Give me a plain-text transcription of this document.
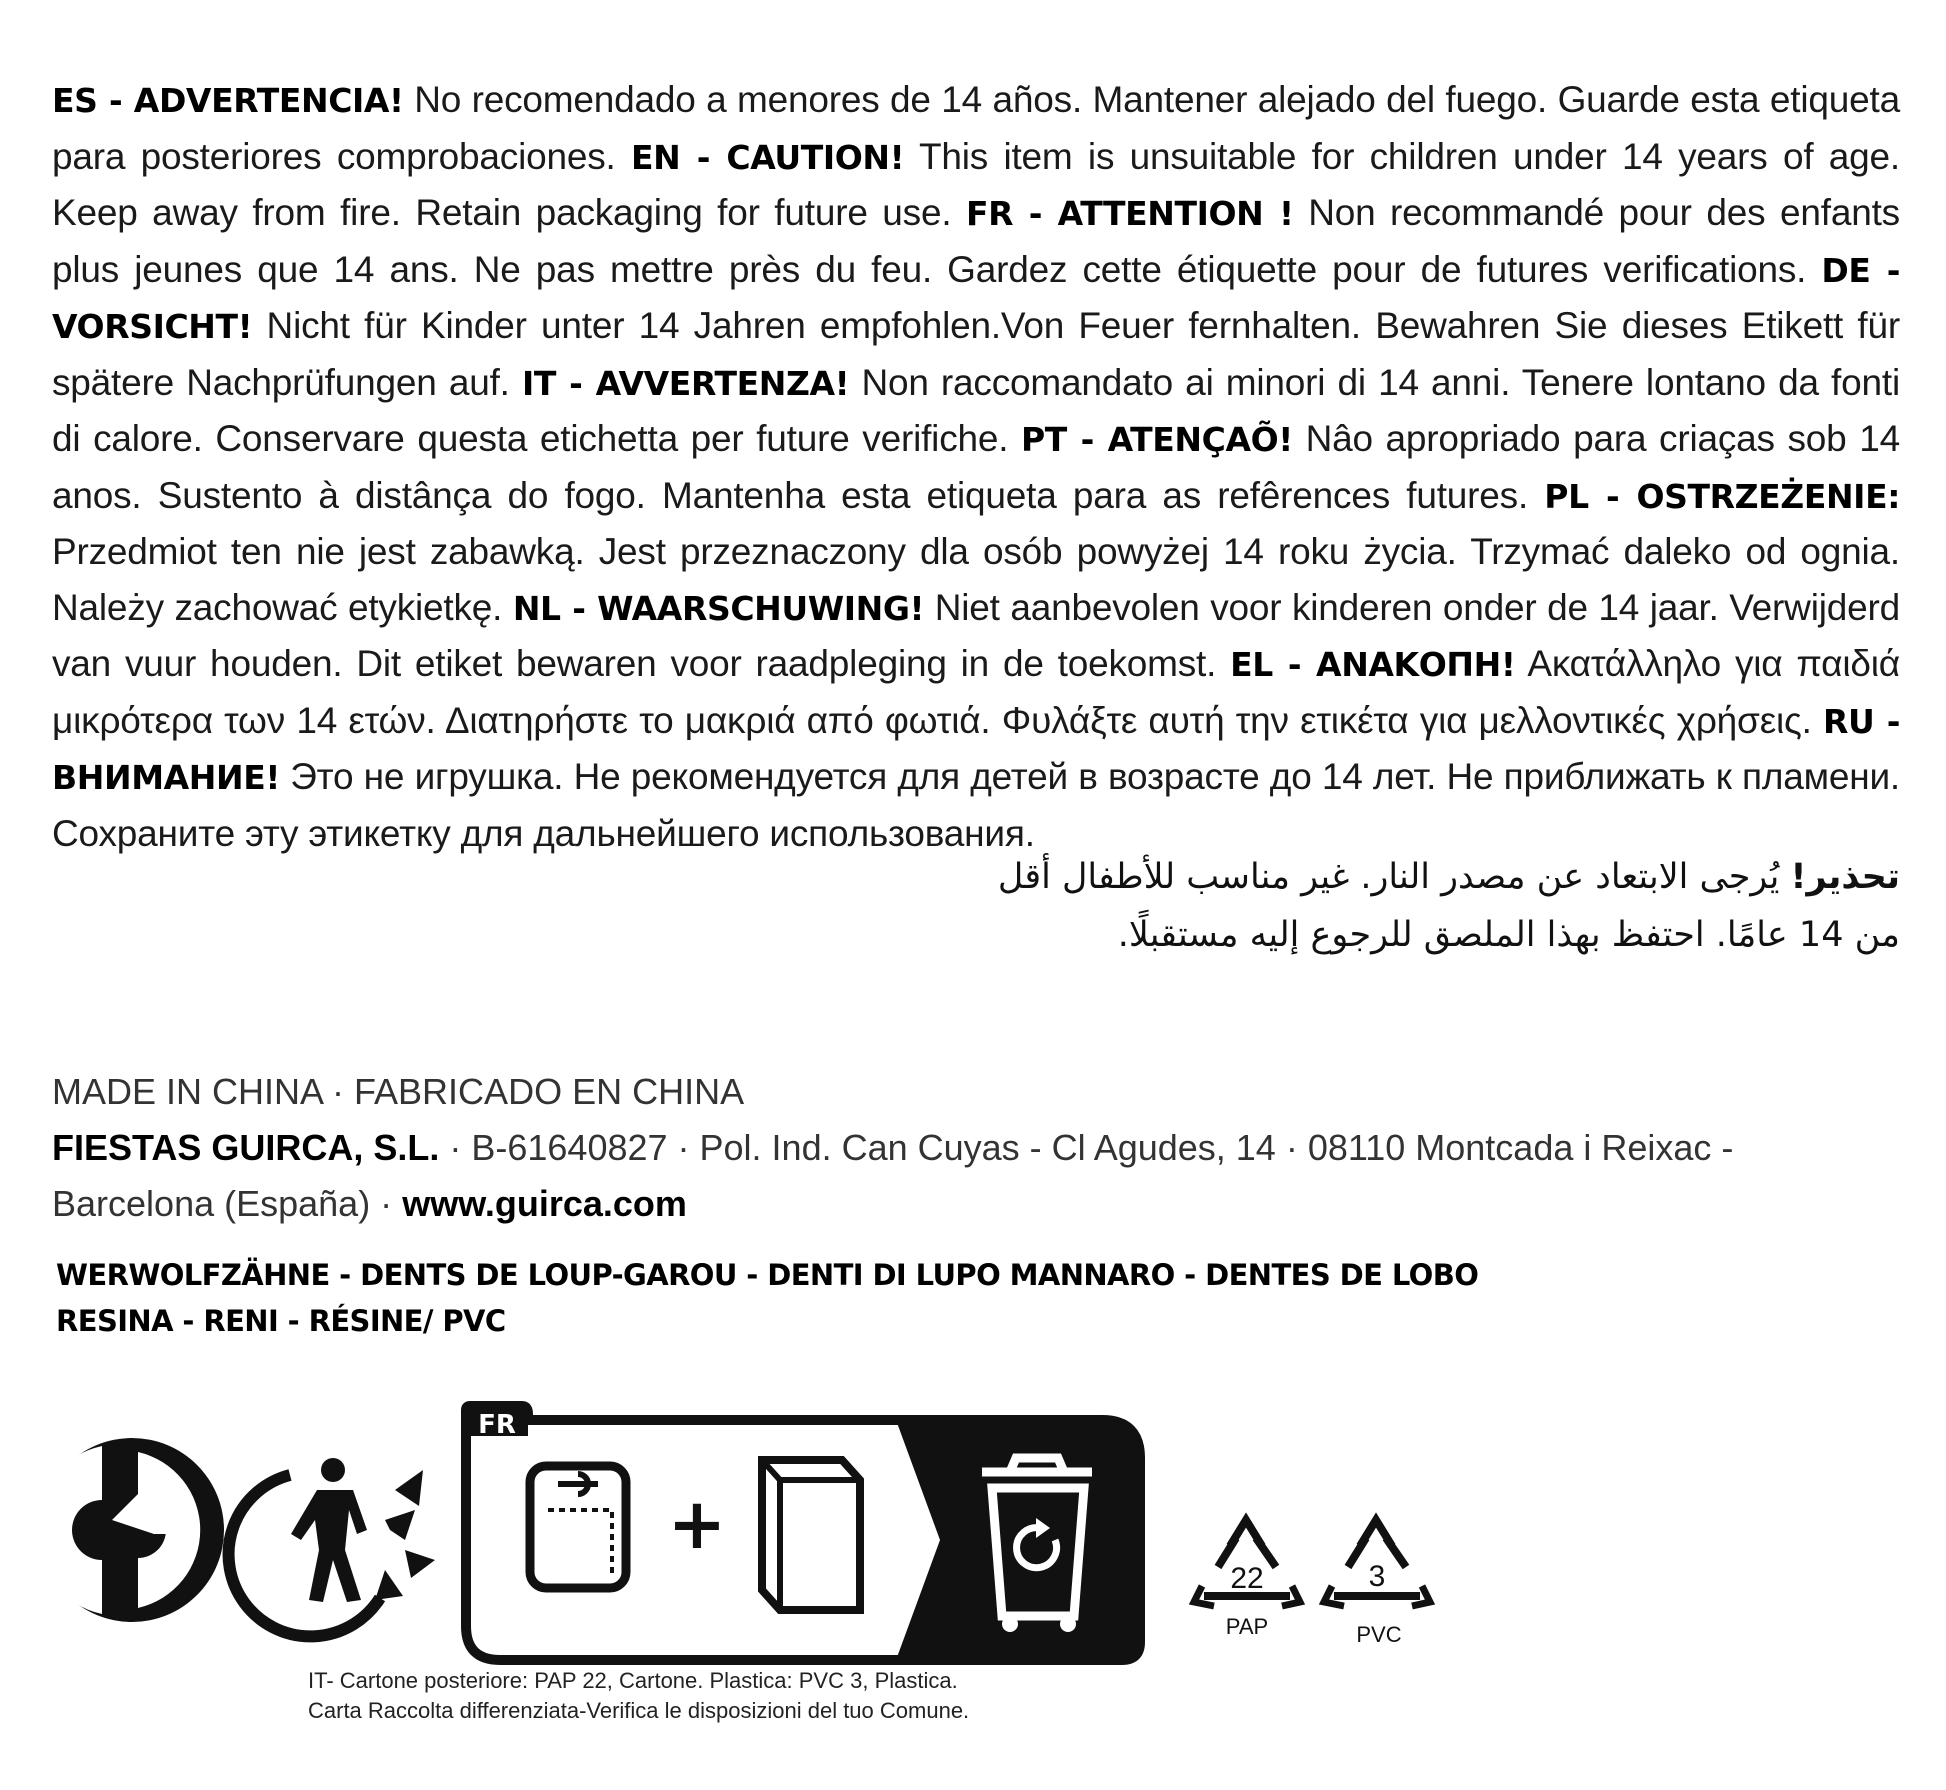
ES - ADVERTENCIA! No recomendado a menores de 14 años. Mantener alejado del fuego. Guarde esta etiqueta para posteriores comprobaciones. EN - CAUTION! This item is unsuitable for children under 14 years of age. Keep away from fire. Retain packaging for future use. FR - ATTENTION ! Non recommandé pour des enfants plus jeunes que 14 ans. Ne pas mettre près du feu. Gardez cette étiquette pour de futures verifications. DE - VORSICHT! Nicht für Kinder unter 14 Jahren empfohlen.Von Feuer fernhalten. Bewahren Sie dieses Etikett für spätere Nachprüfungen auf. IT - AVVERTENZA! Non raccomandato ai minori di 14 anni. Tenere lontano da fonti di calore. Conservare questa etichetta per future verifiche. PT - ATENÇAÕ! Nâo apropriado para criaças sob 14 anos. Sustento à distânça do fogo. Mantenha esta etiqueta para as refêrences futures. PL - OSTRZEŻENIE: Przedmiot ten nie jest zabawką. Jest przeznaczony dla osób powyżej 14 roku życia. Trzymać daleko od ognia. Należy zachować etykietkę. NL - WAARSCHUWING! Niet aanbevolen voor kinderen onder de 14 jaar. Verwijderd van vuur houden. Dit etiket bewaren voor raadpleging in de toekomst. EL - ΑΝΑΚΟΠΗ! Ακατάλληλο για παιδιά μικρότερα των 14 ετών. Διατηρήστε το μακριά από φωτιά. Φυλάξτε αυτή την ετικέτα για μελλοντικές χρήσεις. RU - ВНИМАНИЕ! Это не игрушка. Не рекомендуется для детей в возрасте до 14 лет. Не приближать к пламени. Сохраните эту этикетку для дальнейшего использования.
تحذير! يُرجى الابتعاد عن مصدر النار. غير مناسب للأطفال أقل
من 14 عامًا. احتفظ بهذا الملصق للرجوع إليه مستقبلًا.
MADE IN CHINA · FABRICADO EN CHINA
FIESTAS GUIRCA, S.L. · B-61640827 · Pol. Ind. Can Cuyas - Cl Agudes, 14 · 08110 Montcada i Reixac - Barcelona (España) · www.guirca.com
WERWOLFZÄHNE - DENTS DE LOUP-GAROU - DENTI DI LUPO MANNARO - DENTES DE LOBO
RESINA - RENI - RÉSINE/ PVC
FR
+
22
PAP
3
PVC
IT- Cartone posteriore: PAP 22, Cartone. Plastica: PVC 3, Plastica.
Carta Raccolta differenziata-Verifica le disposizioni del tuo Comune.
